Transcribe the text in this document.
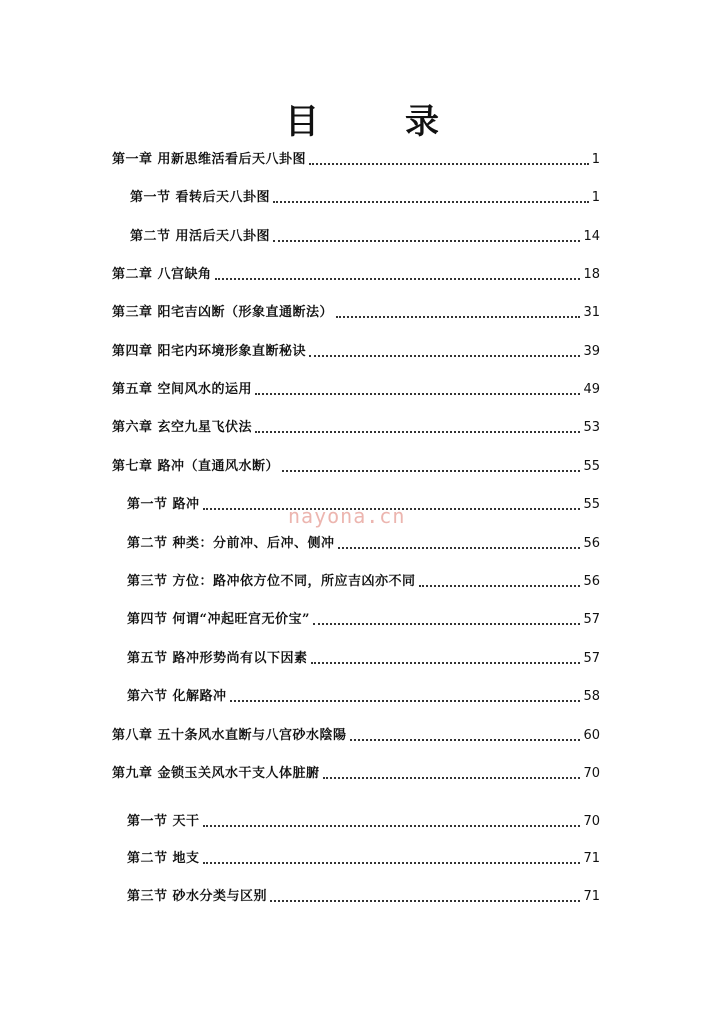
目　录
第一章 用新思维活看后天八卦图	1
第一节 看转后天八卦图	1
第二节 用活后天八卦图	14
第二章 八宫缺角	18
第三章 阳宅吉凶断（形象直通断法）	31
第四章 阳宅内环境形象直断秘诀	39
第五章 空间风水的运用	49
第六章 玄空九星飞伏法	53
第七章 路冲（直通风水断）	55
第一节 路冲	55
第二节 种类：分前冲、后冲、侧冲	56
第三节 方位：路冲依方位不同，所应吉凶亦不同	56
第四节 何谓“冲起旺宫无价宝”	57
第五节 路冲形势尚有以下因素	57
第六节 化解路冲	58
第八章 五十条风水直断与八宫砂水陰陽	60
第九章 金锁玉关风水干支人体脏腑	70
第一节 天干	70
第二节 地支	71
第三节 砂水分类与区别	71
nayona.cn
